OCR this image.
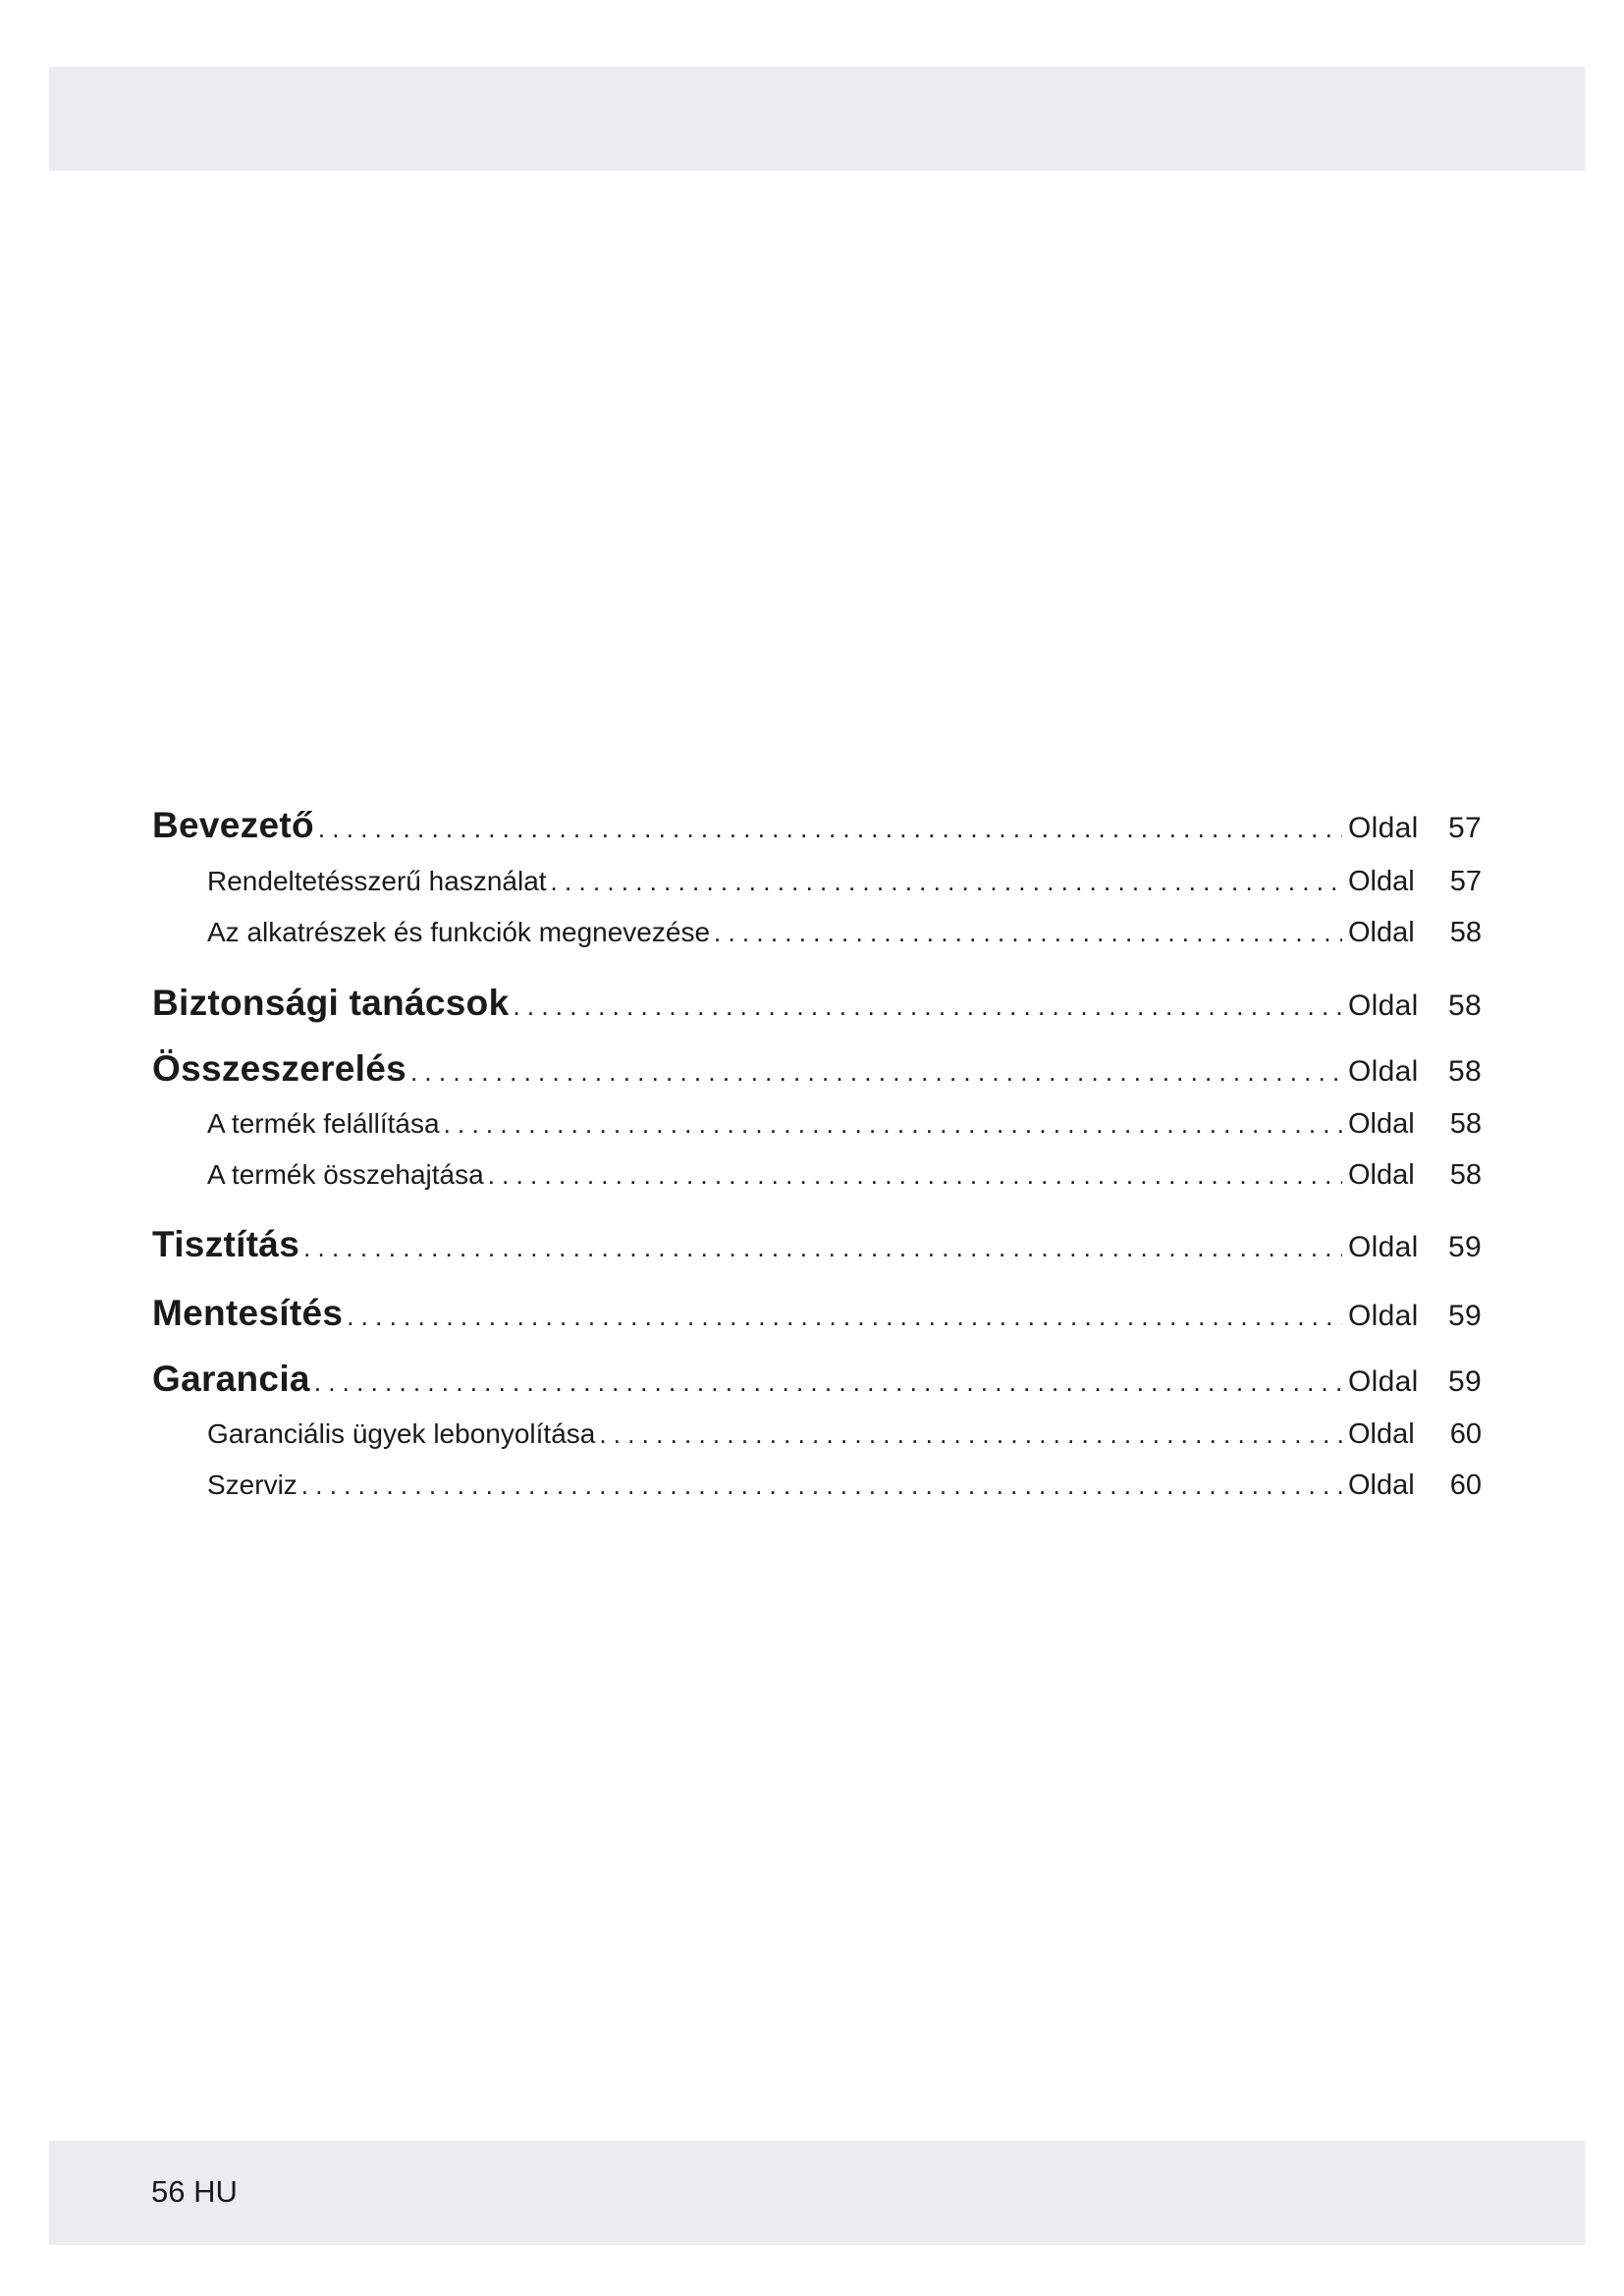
Bevezető . . .	Oldal	57
Rendeltetésszerű használat . . .	Oldal	57
Az alkatrészek és funkciók megnevezése . . .	Oldal	58
Biztonsági tanácsok . . .	Oldal	58
Összeszerelés . . .	Oldal	58
A termék felállítása . . .	Oldal	58
A termék összehajtása . . .	Oldal	58
Tisztítás . . .	Oldal	59
Mentesítés . . .	Oldal	59
Garancia . . .	Oldal	59
Garanciális ügyek lebonyolítása . . .	Oldal	60
Szerviz . . .	Oldal	60
56 HU
